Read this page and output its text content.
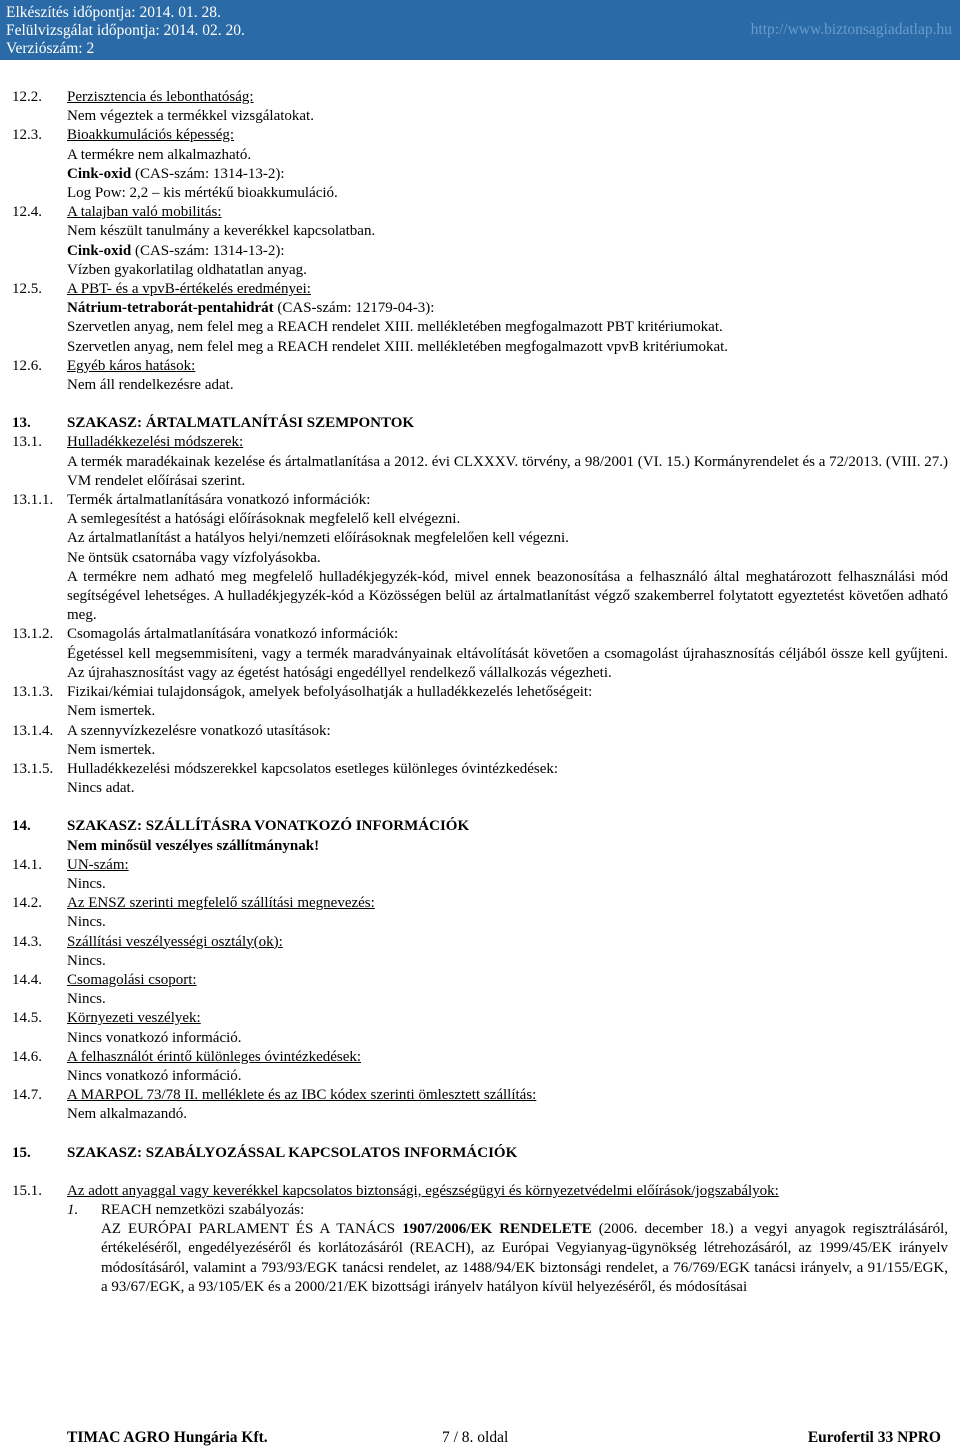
Elkészítés időpontja: 2014. 01. 28.
Felülvizsgálat időpontja: 2014. 02. 20.
Verziószám: 2
http://www.biztonsagiadatlap.hu
12.2.	Perzisztencia és lebonthatóság:
Nem végeztek a termékkel vizsgálatokat.
12.3.	Bioakkumulációs képesség:
A termékre nem alkalmazható.
Cink-oxid (CAS-szám: 1314-13-2):
Log Pow: 2,2 – kis mértékű bioakkumuláció.
12.4.	A talajban való mobilitás:
Nem készült tanulmány a keverékkel kapcsolatban.
Cink-oxid (CAS-szám: 1314-13-2):
Vízben gyakorlatilag oldhatatlan anyag.
12.5.	A PBT- és a vpvB-értékelés eredményei:
Nátrium-tetraborát-pentahidrát (CAS-szám: 12179-04-3):
Szervetlen anyag, nem felel meg a REACH rendelet XIII. mellékletében megfogalmazott PBT kritériumokat.
Szervetlen anyag, nem felel meg a REACH rendelet XIII. mellékletében megfogalmazott vpvB kritériumokat.
12.6.	Egyéb káros hatások:
Nem áll rendelkezésre adat.
13.	SZAKASZ: ÁRTALMATLANÍTÁSI SZEMPONTOK
13.1.	Hulladékkezelési módszerek:
A termék maradékainak kezelése és ártalmatlanítása a 2012. évi CLXXXV. törvény, a 98/2001 (VI. 15.) Kormányrendelet és a 72/2013. (VIII. 27.) VM rendelet előírásai szerint.
13.1.1. Termék ártalmatlanítására vonatkozó információk:
A semlegesítést a hatósági előírásoknak megfelelő kell elvégezni.
Az ártalmatlanítást a hatályos helyi/nemzeti előírásoknak megfelelően kell végezni.
Ne öntsük csatornába vagy vízfolyásokba.
A termékre nem adható meg megfelelő hulladékjegyzék-kód, mivel ennek beazonosítása a felhasználó által meghatározott felhasználási mód segítségével lehetséges. A hulladékjegyzék-kód a Közösségen belül az ártalmatlanítást végző szakemberrel folytatott egyeztetést követően adható meg.
13.1.2. Csomagolás ártalmatlanítására vonatkozó információk:
Égetéssel kell megsemmisíteni, vagy a termék maradványainak eltávolítását követően a csomagolást újrahasznosítás céljából össze kell gyűjteni. Az újrahasznosítást vagy az égetést hatósági engedéllyel rendelkező vállalkozás végezheti.
13.1.3. Fizikai/kémiai tulajdonságok, amelyek befolyásolhatják a hulladékkezelés lehetőségeit:
Nem ismertek.
13.1.4. A szennyvízkezelésre vonatkozó utasítások:
Nem ismertek.
13.1.5. Hulladékkezelési módszerekkel kapcsolatos esetleges különleges óvintézkedések:
Nincs adat.
14.	SZAKASZ: SZÁLLÍTÁSRA VONATKOZÓ INFORMÁCIÓK
Nem minősül veszélyes szállítmánynak!
14.1.	UN-szám:
Nincs.
14.2.	Az ENSZ szerinti megfelelő szállítási megnevezés:
Nincs.
14.3.	Szállítási veszélyességi osztály(ok):
Nincs.
14.4.	Csomagolási csoport:
Nincs.
14.5.	Környezeti veszélyek:
Nincs vonatkozó információ.
14.6.	A felhasználót érintő különleges óvintézkedések:
Nincs vonatkozó információ.
14.7.	A MARPOL 73/78 II. melléklete és az IBC kódex szerinti ömlesztett szállítás:
Nem alkalmazandó.
15.	SZAKASZ: SZABÁLYOZÁSSAL KAPCSOLATOS INFORMÁCIÓK
15.1.	Az adott anyaggal vagy keverékkel kapcsolatos biztonsági, egészségügyi és környezetvédelmi előírások/jogszabályok:
1.	REACH nemzetközi szabályozás:
AZ EURÓPAI PARLAMENT ÉS A TANÁCS 1907/2006/EK RENDELETE (2006. december 18.) a vegyi anyagok regisztrálásáról, értékeléséről, engedélyezéséről és korlátozásáról (REACH), az Európai Vegyianyag-ügynökség létrehozásáról, az 1999/45/EK irányelv módosításáról, valamint a 793/93/EGK tanácsi rendelet, az 1488/94/EK biztonsági rendelet, a 76/769/EGK tanácsi irányelv, a 91/155/EGK, a 93/67/EGK, a 93/105/EK és a 2000/21/EK bizottsági irányelv hatályon kívül helyezéséről, és módosításai
TIMAC AGRO Hungária Kft.	7 / 8. oldal	Eurofertil 33 NPRO
